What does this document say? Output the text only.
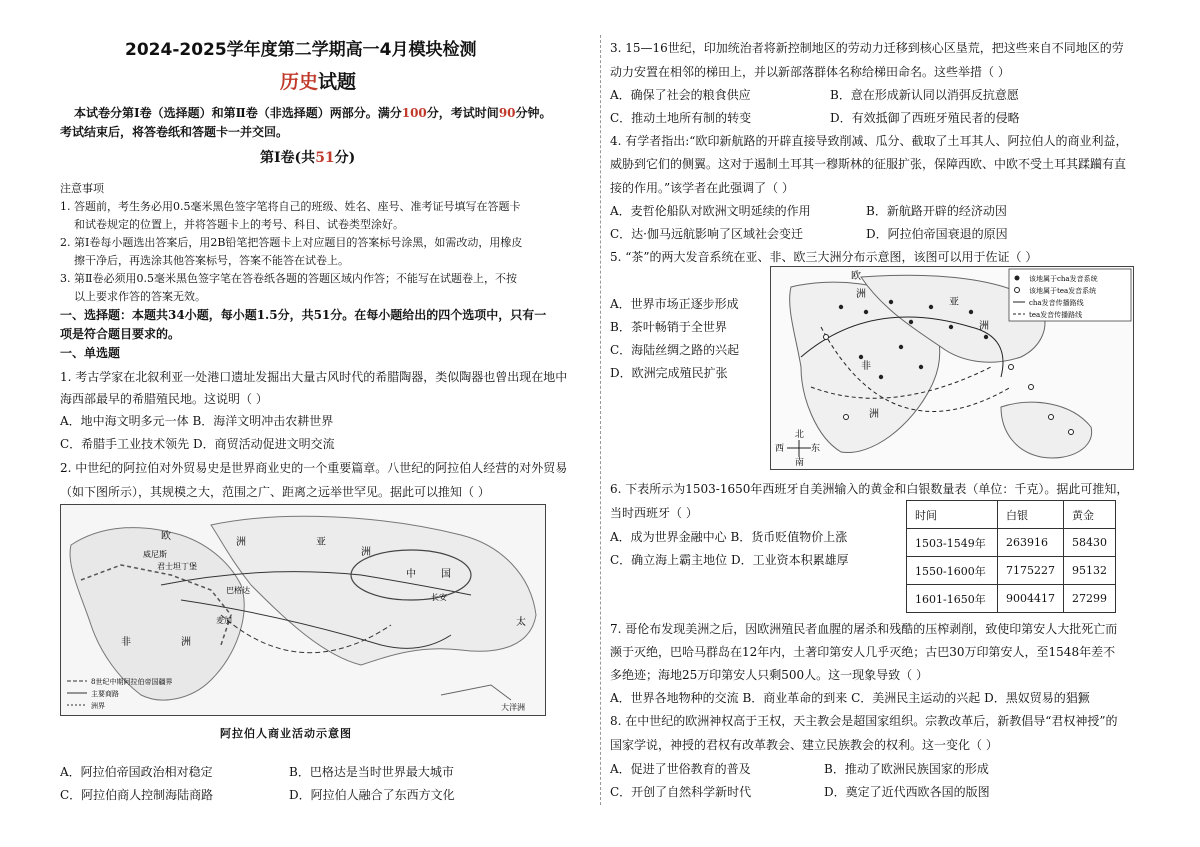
2024-2025学年度第二学期高一4月模块检测
历史试题
本试卷分第Ⅰ卷（选择题）和第Ⅱ卷（非选择题）两部分。满分100分，考试时间90分钟。
考试结束后，将答卷纸和答题卡一并交回。
第Ⅰ卷(共51分)
注意事项
1. 答题前，考生务必用0.5毫米黑色签字笔将自己的班级、姓名、座号、准考证号填写在答题卡
和试卷规定的位置上，并将答题卡上的考号、科目、试卷类型涂好。
2. 第Ⅰ卷每小题选出答案后，用2B铅笔把答题卡上对应题目的答案标号涂黑，如需改动，用橡皮
擦干净后，再选涂其他答案标号，答案不能答在试卷上。
3. 第Ⅱ卷必须用0.5毫米黑色签字笔在答卷纸各题的答题区域内作答；不能写在试题卷上，不按
以上要求作答的答案无效。
一、选择题：本题共34小题，每小题1.5分，共51分。在每小题给出的四个选项中，只有一
项是符合题目要求的。
一、单选题
1. 考古学家在北叙利亚一处港口遗址发掘出大量古风时代的希腊陶器，类似陶器也曾出现在地中
海西部最早的希腊殖民地。这说明（ ）
A．地中海文明多元一体 B．海洋文明冲击农耕世界
C．希腊手工业技术领先 D．商贸活动促进文明交流
2. 中世纪的阿拉伯对外贸易史是世界商业史的一个重要篇章。八世纪的阿拉伯人经营的对外贸易
（如下图所示），其规模之大，范围之广、距离之远举世罕见。据此可以推知（ ）
欧
洲	亚
洲
非	洲
中	国
威尼斯
君士坦丁堡
巴格达
麦加
长安
大洋洲
太
8世纪中期阿拉伯帝国疆界
主要商路
洲界
阿拉伯人商业活动示意图
A．阿拉伯帝国政治相对稳定	B．巴格达是当时世界最大城市
C．阿拉伯商人控制海陆商路	D．阿拉伯人融合了东西方文化
3. 15—16世纪，印加统治者将新控制地区的劳动力迁移到核心区垦荒，把这些来自不同地区的劳
动力安置在相邻的梯田上，并以新部落群体名称给梯田命名。这些举措（ ）
A．确保了社会的粮食供应	B．意在形成新认同以消弭反抗意愿
C．推动土地所有制的转变	D．有效抵御了西班牙殖民者的侵略
4. 有学者指出:“欧印新航路的开辟直接导致削减、瓜分、截取了土耳其人、阿拉伯人的商业利益，
威胁到它们的侧翼。这对于遏制土耳其一穆斯林的征服扩张，保障西欧、中欧不受土耳其蹂躏有直
接的作用。”该学者在此强调了（ ）
A．麦哲伦船队对欧洲文明延续的作用	B．新航路开辟的经济动因
C．达·伽马远航影响了区域社会变迁	D．阿拉伯帝国衰退的原因
5. “茶”的两大发音系统在亚、非、欧三大洲分布示意图，该图可以用于佐证（ ）
A．世界市场正逐步形成
B．茶叶畅销于全世界
C．海陆丝绸之路的兴起
D．欧洲完成殖民扩张
该地属于cha发音系统
该地属于tea发音系统
cha发音传播路线
tea发音传播路线
欧
洲
亚
洲
非
洲
北
西	东
南
6. 下表所示为1503-1650年西班牙自美洲输入的黄金和白银数量表（单位：千克）。据此可推知，
当时西班牙（ ）
A．成为世界金融中心 B．货币贬值物价上涨
C．确立海上霸主地位 D．工业资本积累雄厚
时间	白银	黄金
1503-1549年	263916	58430
1550-1600年	7175227	95132
1601-1650年	9004417	27299
7. 哥伦布发现美洲之后，因欧洲殖民者血腥的屠杀和残酷的压榨剥削，致使印第安人大批死亡而
濒于灭绝，巴哈马群岛在12年内，土著印第安人几乎灭绝；古巴30万印第安人，至1548年差不
多绝迹；海地25万印第安人只剩500人。这一现象导致（ ）
A．世界各地物种的交流 B．商业革命的到来 C．美洲民主运动的兴起 D．黑奴贸易的猖獗
8. 在中世纪的欧洲神权高于王权，天主教会是超国家组织。宗教改革后，新教倡导“君权神授”的
国家学说，神授的君权有改革教会、建立民族教会的权利。这一变化（ ）
A．促进了世俗教育的普及	B．推动了欧洲民族国家的形成
C．开创了自然科学新时代	D．奠定了近代西欧各国的版图
